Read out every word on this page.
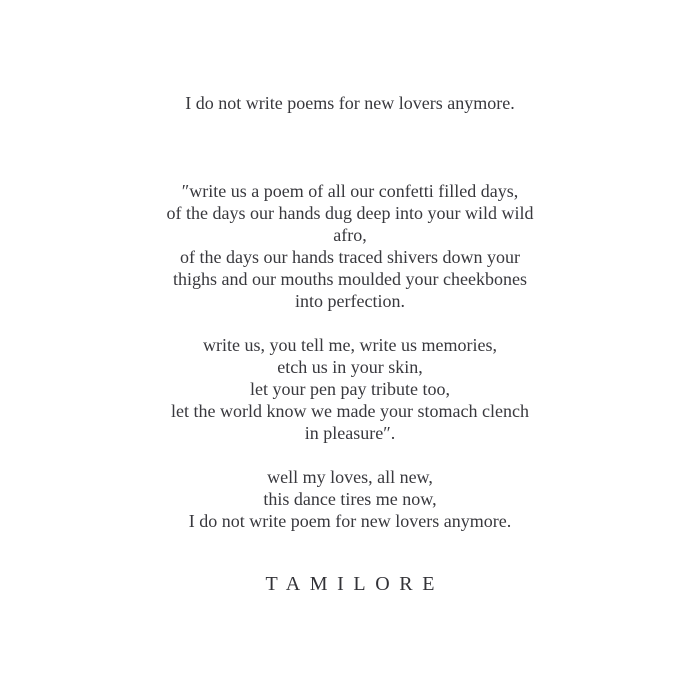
I do not write poems for new lovers anymore.
″write us a poem of all our confetti filled days,
of the days our hands dug deep into your wild wild
afro,
of the days our hands traced shivers down your
thighs and our mouths moulded your cheekbones
into perfection.
write us, you tell me, write us memories,
etch us in your skin,
let your pen pay tribute too,
let the world know we made your stomach clench
in pleasure″.
well my loves, all new,
this dance tires me now,
I do not write poem for new lovers anymore.
TAMILORE
